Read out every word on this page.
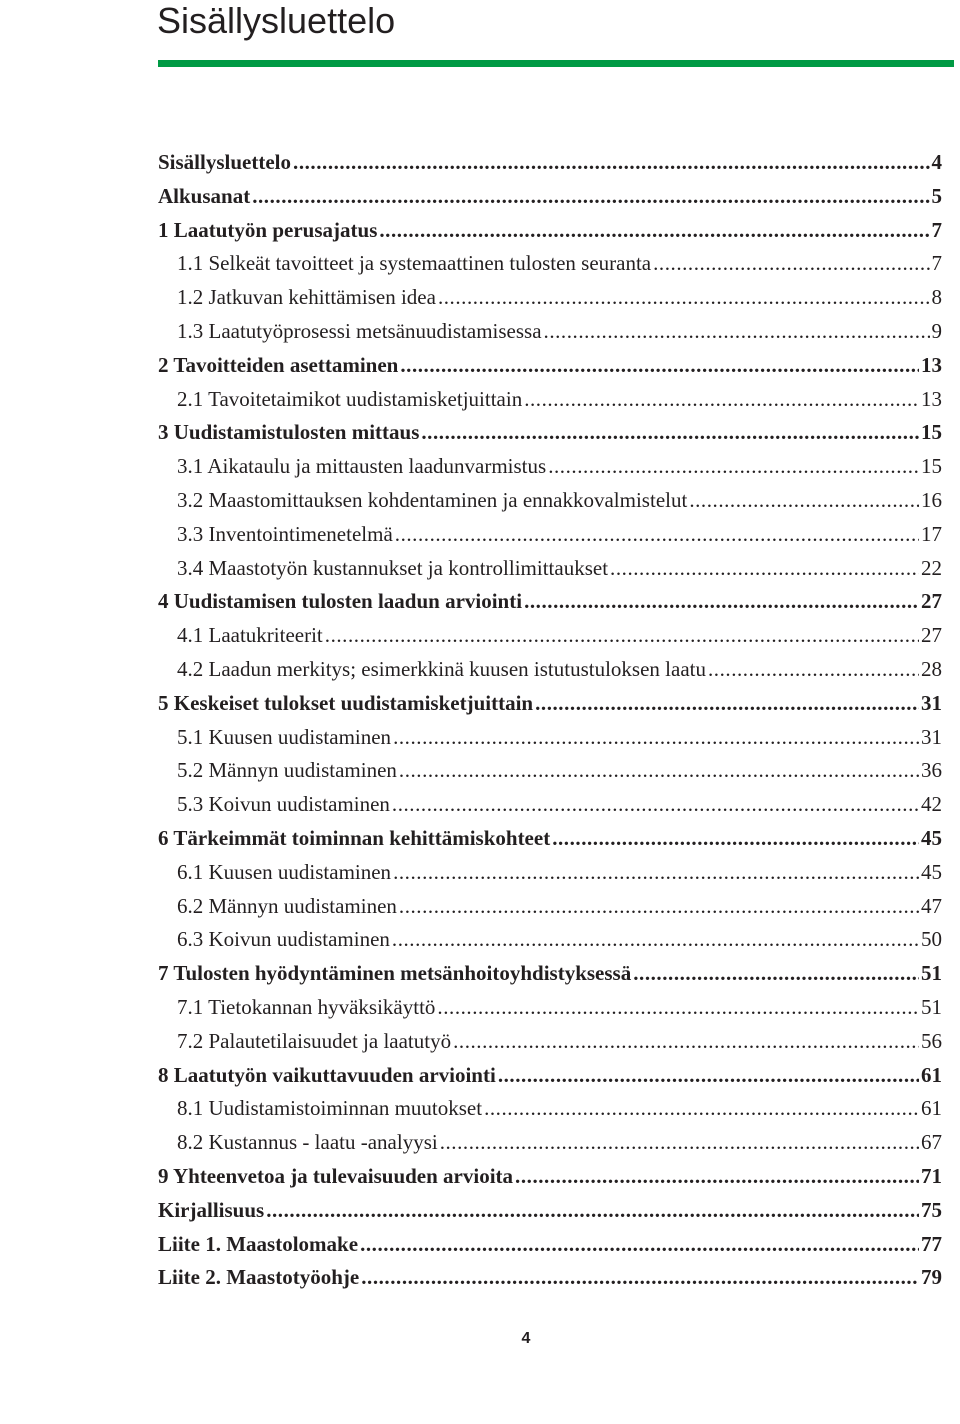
Sisällysluettelo
Sisällysluettelo . . .	4
Alkusanat . . .	5
1 Laatutyön perusajatus . . .	7
1.1 Selkeät tavoitteet ja systemaattinen tulosten seuranta . . .	7
1.2 Jatkuvan kehittämisen idea . . .	8
1.3 Laatutyöprosessi metsänuudistamisessa . . .	9
2 Tavoitteiden asettaminen . . .	13
2.1 Tavoitetaimikot uudistamisketjuittain . . .	13
3 Uudistamistulosten mittaus . . .	15
3.1 Aikataulu ja mittausten laadunvarmistus . . .	15
3.2 Maastomittauksen kohdentaminen ja ennakkovalmistelut . . .	16
3.3 Inventointimenetelmä . . .	17
3.4 Maastotyön kustannukset ja kontrollimittaukset . . .	22
4 Uudistamisen tulosten laadun arviointi . . .	27
4.1 Laatukriteerit . . .	27
4.2 Laadun merkitys; esimerkkinä kuusen istutustuloksen laatu . . .	28
5 Keskeiset tulokset uudistamisketjuittain . . .	31
5.1 Kuusen uudistaminen . . .	31
5.2 Männyn uudistaminen . . .	36
5.3 Koivun uudistaminen . . .	42
6 Tärkeimmät toiminnan kehittämiskohteet . . .	45
6.1 Kuusen uudistaminen . . .	45
6.2 Männyn uudistaminen . . .	47
6.3 Koivun uudistaminen . . .	50
7 Tulosten hyödyntäminen metsänhoitoyhdistyksessä . . .	51
7.1 Tietokannan hyväksikäyttö . . .	51
7.2 Palautetilaisuudet ja laatutyö . . .	56
8 Laatutyön vaikuttavuuden arviointi . . .	61
8.1 Uudistamistoiminnan muutokset . . .	61
8.2 Kustannus - laatu -analyysi . . .	67
9 Yhteenvetoa ja tulevaisuuden arvioita . . .	71
Kirjallisuus . . .	75
Liite 1. Maastolomake . . .	77
Liite 2. Maastotyöohje . . .	79
4
